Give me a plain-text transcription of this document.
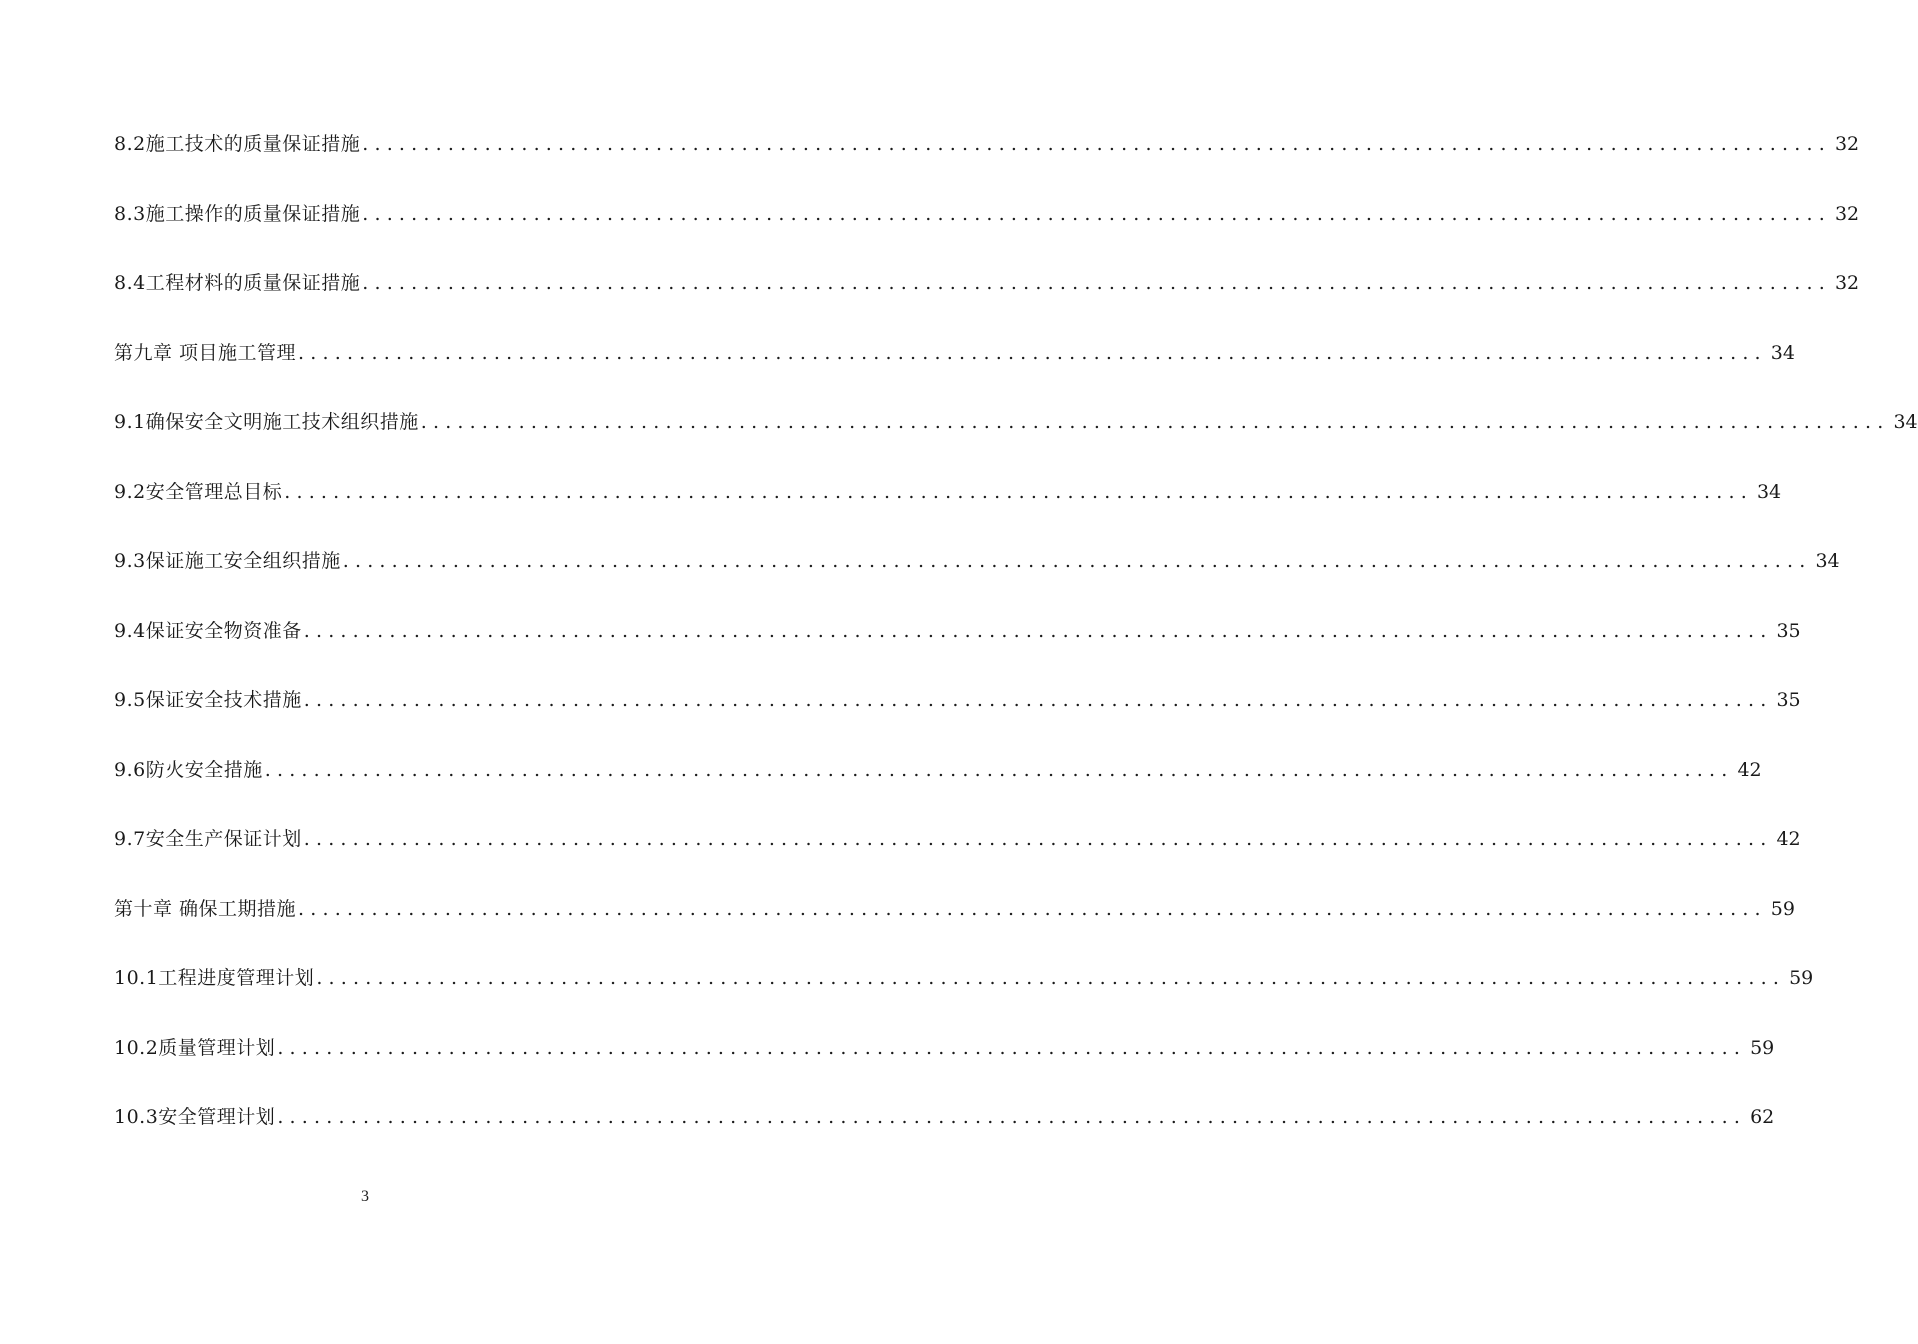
8.2施工技术的质量保证措施 ........................................................................................................................ 32
8.3施工操作的质量保证措施 ........................................................................................................................ 32
8.4工程材料的质量保证措施 ........................................................................................................................ 32
第九章 项目施工管理 ........................................................................................................................ 34
9.1确保安全文明施工技术组织措施 ........................................................................................................................ 34
9.2安全管理总目标 ........................................................................................................................ 34
9.3保证施工安全组织措施 ........................................................................................................................ 34
9.4保证安全物资准备 ........................................................................................................................ 35
9.5保证安全技术措施 ........................................................................................................................ 35
9.6防火安全措施 ........................................................................................................................ 42
9.7安全生产保证计划 ........................................................................................................................ 42
第十章 确保工期措施 ........................................................................................................................ 59
10.1工程进度管理计划 ........................................................................................................................ 59
10.2质量管理计划 ........................................................................................................................ 59
10.3安全管理计划 ........................................................................................................................ 62
3
